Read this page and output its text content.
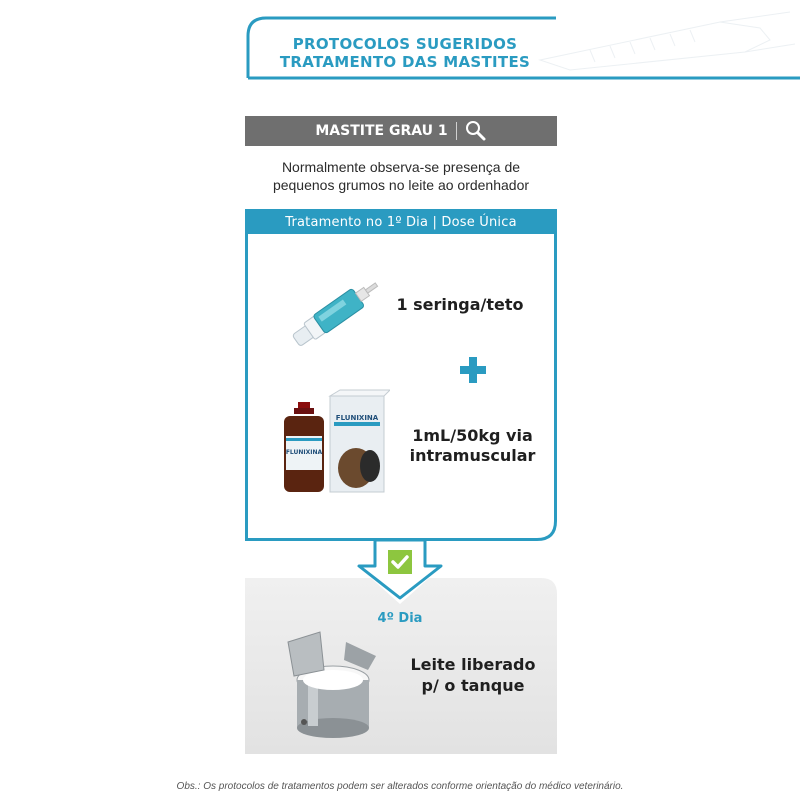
PROTOCOLOS SUGERIDOS
TRATAMENTO DAS MASTITES
MASTITE GRAU 1
Normalmente observa-se presença de
pequenos grumos no leite ao ordenhador
Tratamento no 1º Dia | Dose Única
1 seringa/teto
FLUNIXINA
FLUNIXINA
1mL/50kg via
intramuscular
4º Dia
Leite liberado
p/ o tanque
Obs.: Os protocolos de tratamentos podem ser alterados conforme orientação do médico veterinário.
